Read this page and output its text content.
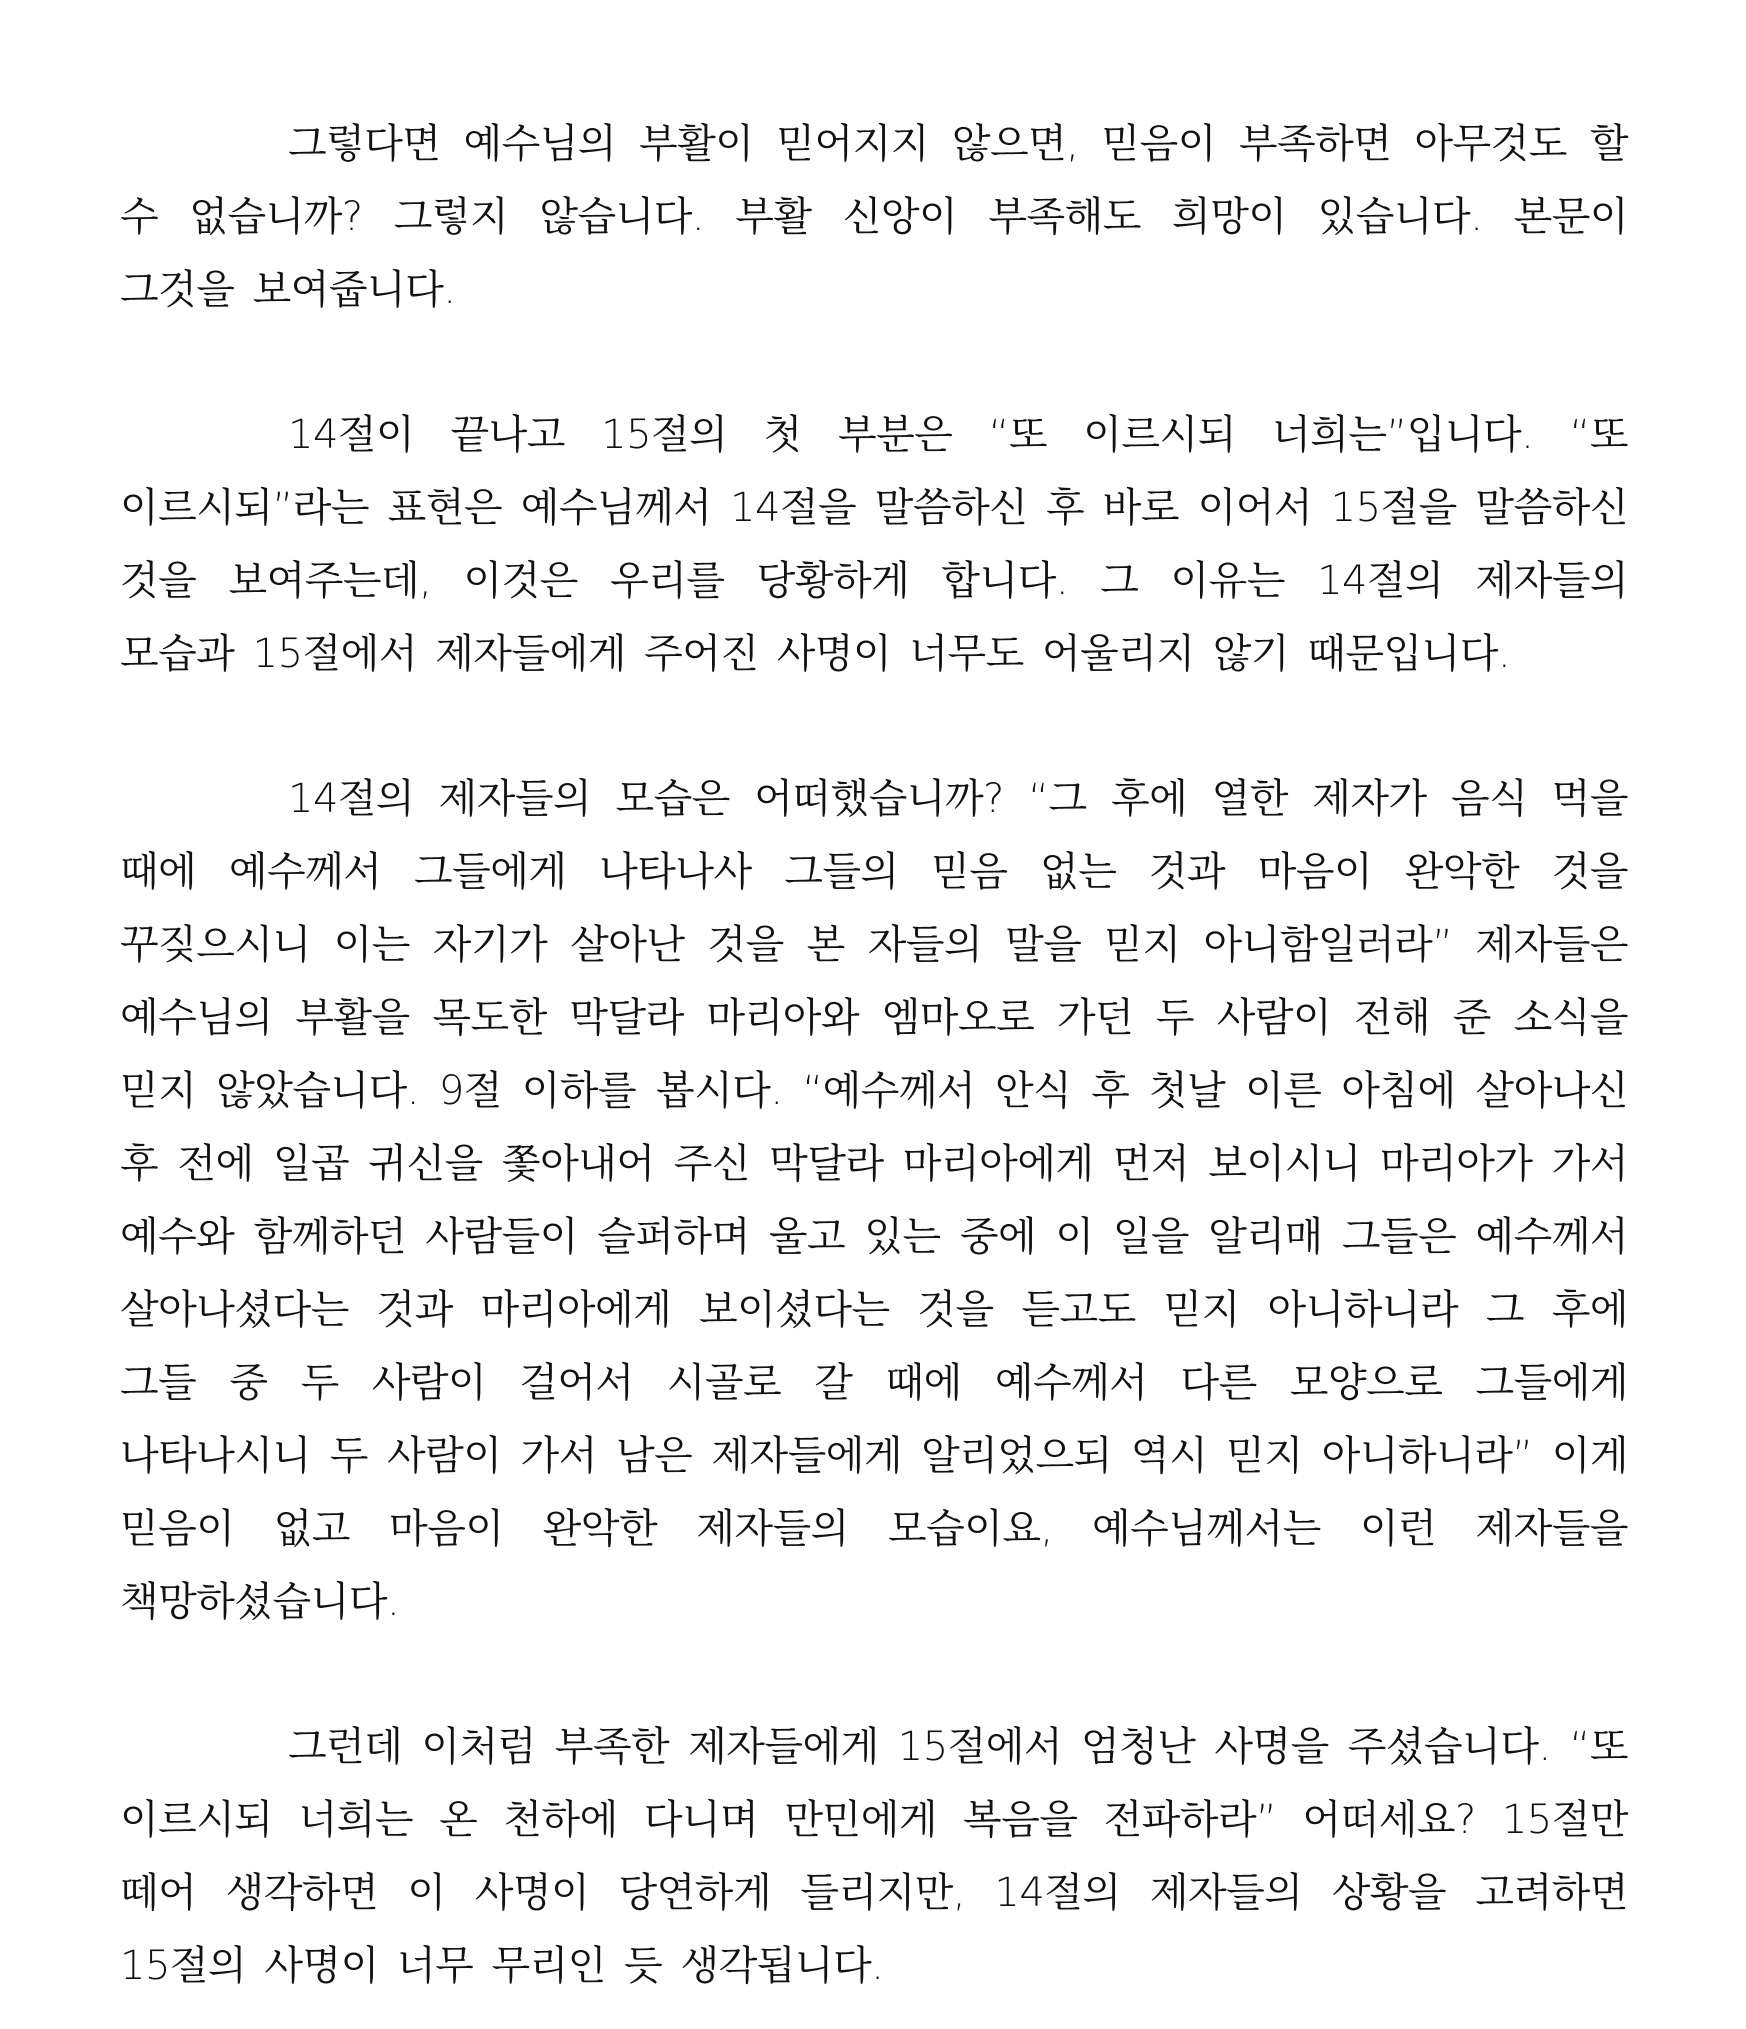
그렇다면 예수님의 부활이 믿어지지 않으면, 믿음이 부족하면 아무것도 할 수 없습니까? 그렇지 않습니다. 부활 신앙이 부족해도 희망이 있습니다. 본문이 그것을 보여줍니다.

14절이 끝나고 15절의 첫 부분은 “또 이르시되 너희는”입니다. “또 이르시되”라는 표현은 예수님께서 14절을 말씀하신 후 바로 이어서 15절을 말씀하신 것을 보여주는데, 이것은 우리를 당황하게 합니다. 그 이유는 14절의 제자들의 모습과 15절에서 제자들에게 주어진 사명이 너무도 어울리지 않기 때문입니다.

14절의 제자들의 모습은 어떠했습니까? “그 후에 열한 제자가 음식 먹을 때에 예수께서 그들에게 나타나사 그들의 믿음 없는 것과 마음이 완악한 것을 꾸짖으시니 이는 자기가 살아난 것을 본 자들의 말을 믿지 아니함일러라” 제자들은 예수님의 부활을 목도한 막달라 마리아와 엠마오로 가던 두 사람이 전해 준 소식을 믿지 않았습니다. 9절 이하를 봅시다. “예수께서 안식 후 첫날 이른 아침에 살아나신 후 전에 일곱 귀신을 쫓아내어 주신 막달라 마리아에게 먼저 보이시니 마리아가 가서 예수와 함께하던 사람들이 슬퍼하며 울고 있는 중에 이 일을 알리매 그들은 예수께서 살아나셨다는 것과 마리아에게 보이셨다는 것을 듣고도 믿지 아니하니라 그 후에 그들 중 두 사람이 걸어서 시골로 갈 때에 예수께서 다른 모양으로 그들에게 나타나시니 두 사람이 가서 남은 제자들에게 알리었으되 역시 믿지 아니하니라” 이게 믿음이 없고 마음이 완악한 제자들의 모습이요, 예수님께서는 이런 제자들을 책망하셨습니다.

그런데 이처럼 부족한 제자들에게 15절에서 엄청난 사명을 주셨습니다. “또 이르시되 너희는 온 천하에 다니며 만민에게 복음을 전파하라” 어떠세요? 15절만 떼어 생각하면 이 사명이 당연하게 들리지만, 14절의 제자들의 상황을 고려하면 15절의 사명이 너무 무리인 듯 생각됩니다.
